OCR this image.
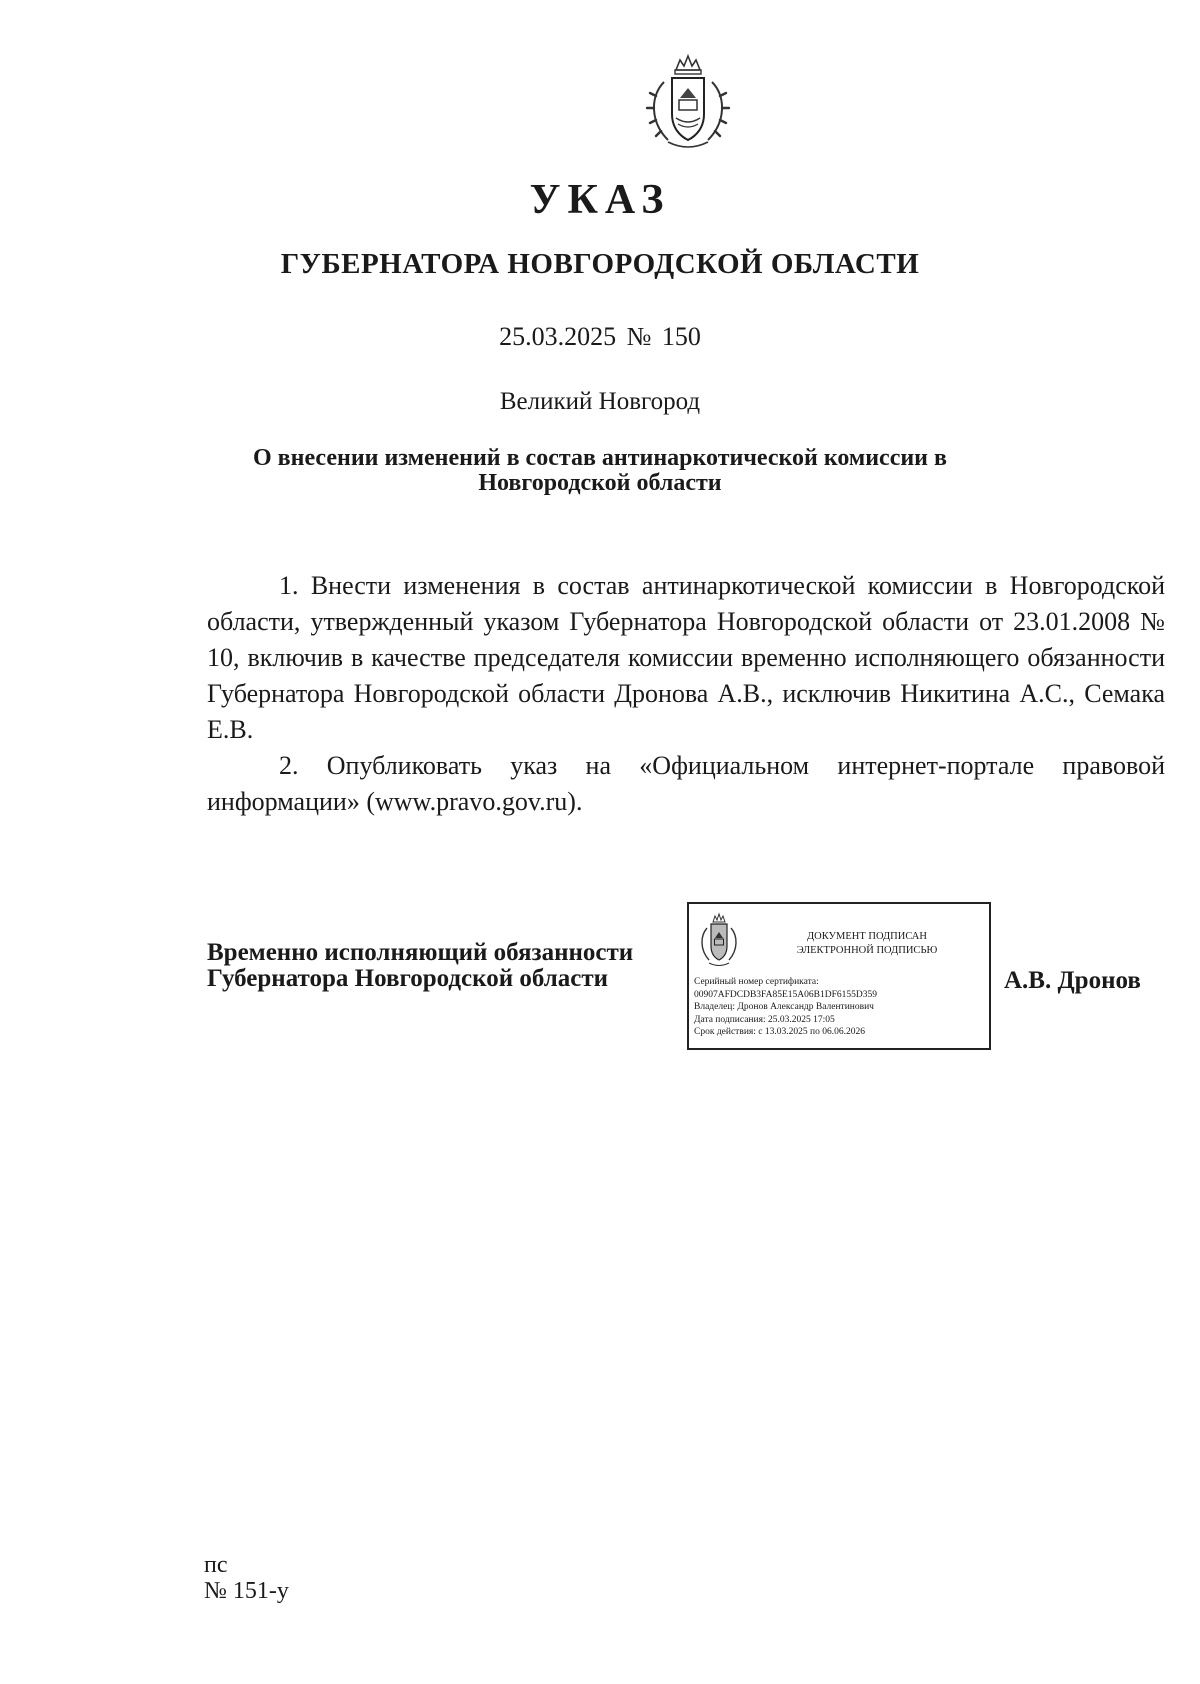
УКАЗ
ГУБЕРНАТОРА НОВГОРОДСКОЙ ОБЛАСТИ
25.03.2025 № 150
Великий Новгород
О внесении изменений в состав антинаркотической комиссии в
Новгородской области

1. Внести изменения в состав антинаркотической комиссии в Новгородской области, утвержденный указом Губернатора Новгородской области от 23.01.2008 № 10, включив в качестве председателя комиссии временно исполняющего обязанности Губернатора Новгородской области Дронова А.В., исключив Никитина А.С., Семака Е.В.

2. Опубликовать указ на «Официальном интернет-портале правовой информации» (www.pravo.gov.ru).

Временно исполняющий обязанности
Губернатора Новгородской области
ДОКУМЕНТ ПОДПИСАН
ЭЛЕКТРОННОЙ ПОДПИСЬЮ
Серийный номер сертификата:
00907AFDCDB3FA85E15A06B1DF6155D359
Владелец: Дронов Александр Валентинович
Дата подписания: 25.03.2025 17:05
Срок действия: с 13.03.2025 по 06.06.2026
А.В. Дронов
пс
№ 151-у
